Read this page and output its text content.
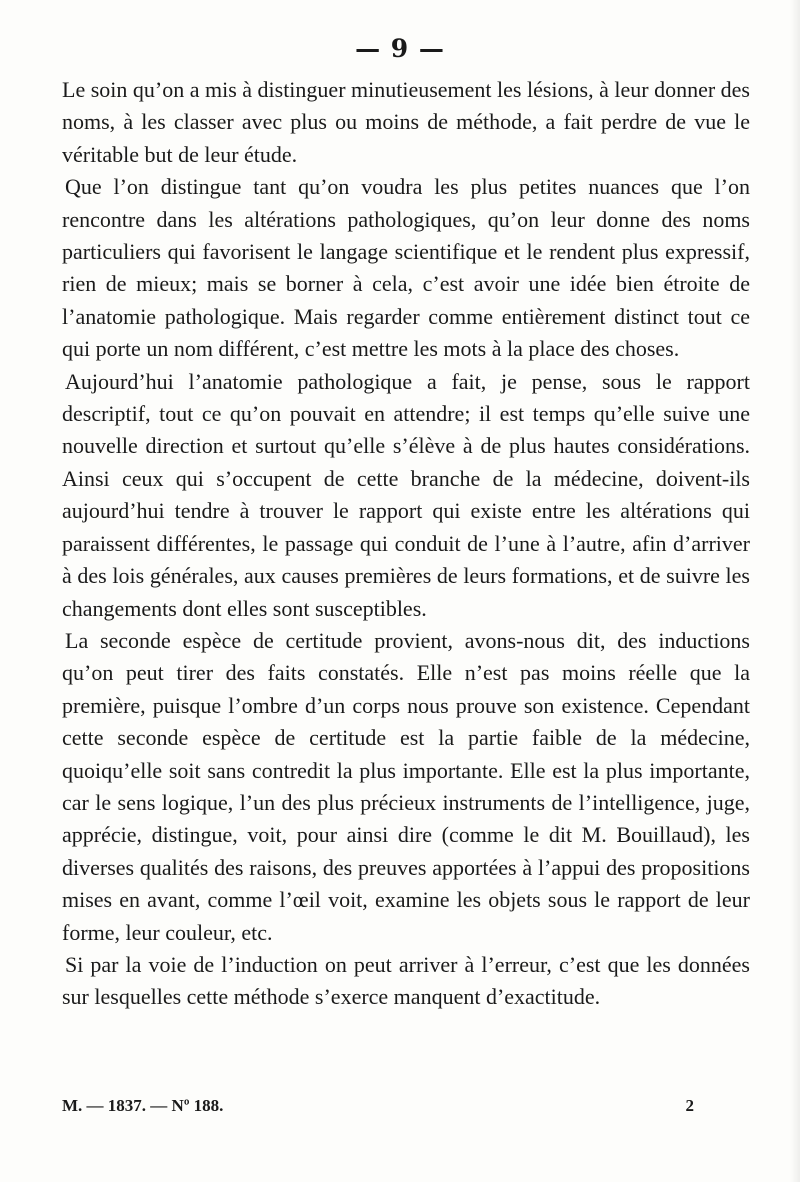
— 9 —

Le soin qu’on a mis à distinguer minutieusement les lésions, à leur donner des noms, à les classer avec plus ou moins de méthode, a fait perdre de vue le véritable but de leur étude.

Que l’on distingue tant qu’on voudra les plus petites nuances que l’on rencontre dans les altérations pathologiques, qu’on leur donne des noms particuliers qui favorisent le langage scientifique et le rendent plus expressif, rien de mieux; mais se borner à cela, c’est avoir une idée bien étroite de l’anatomie pathologique. Mais regarder comme entièrement distinct tout ce qui porte un nom différent, c’est mettre les mots à la place des choses.

Aujourd’hui l’anatomie pathologique a fait, je pense, sous le rapport descriptif, tout ce qu’on pouvait en attendre; il est temps qu’elle suive une nouvelle direction et surtout qu’elle s’élève à de plus hautes considérations. Ainsi ceux qui s’occupent de cette branche de la médecine, doivent-ils aujourd’hui tendre à trouver le rapport qui existe entre les altérations qui paraissent différentes, le passage qui conduit de l’une à l’autre, afin d’arriver à des lois générales, aux causes premières de leurs formations, et de suivre les changements dont elles sont susceptibles.

La seconde espèce de certitude provient, avons-nous dit, des inductions qu’on peut tirer des faits constatés. Elle n’est pas moins réelle que la première, puisque l’ombre d’un corps nous prouve son existence. Cependant cette seconde espèce de certitude est la partie faible de la médecine, quoiqu’elle soit sans contredit la plus importante. Elle est la plus importante, car le sens logique, l’un des plus précieux instruments de l’intelligence, juge, apprécie, distingue, voit, pour ainsi dire (comme le dit M. Bouillaud), les diverses qualités des raisons, des preuves apportées à l’appui des propositions mises en avant, comme l’œil voit, examine les objets sous le rapport de leur forme, leur couleur, etc.

Si par la voie de l’induction on peut arriver à l’erreur, c’est que les données sur lesquelles cette méthode s’exerce manquent d’exactitude.

M. — 1837. — Nº 188.	2
